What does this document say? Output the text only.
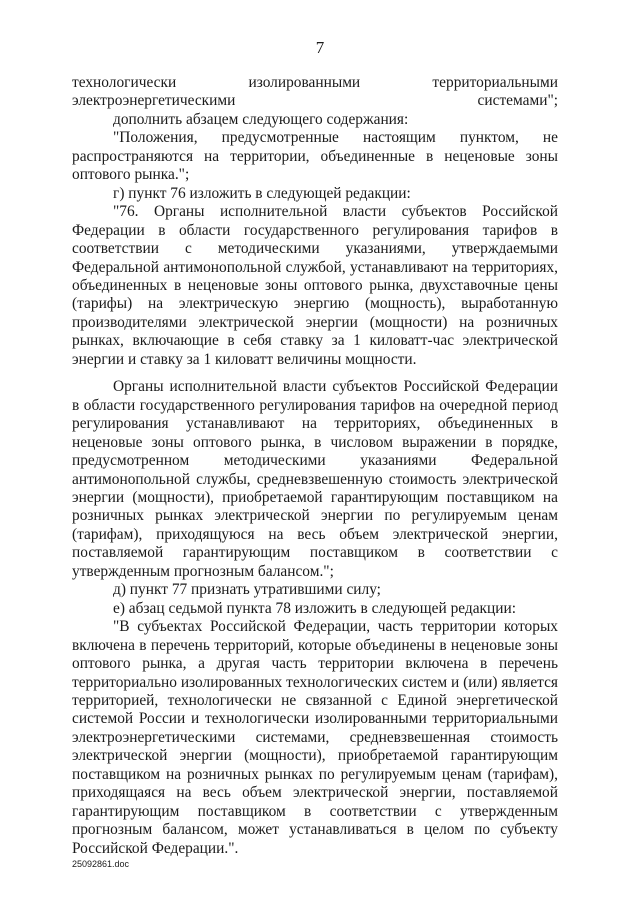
7

технологически изолированными территориальными электроэнергетическими системами";

дополнить абзацем следующего содержания:

"Положения, предусмотренные настоящим пунктом, не распространяются на территории, объединенные в неценовые зоны оптового рынка.";

г) пункт 76 изложить в следующей редакции:

"76. Органы исполнительной власти субъектов Российской Федерации в области государственного регулирования тарифов в соответствии с методическими указаниями, утверждаемыми Федеральной антимонопольной службой, устанавливают на территориях, объединенных в неценовые зоны оптового рынка, двухставочные цены (тарифы) на электрическую энергию (мощность), выработанную производителями электрической энергии (мощности) на розничных рынках, включающие в себя ставку за 1 киловатт-час электрической энергии и ставку за 1 киловатт величины мощности.

Органы исполнительной власти субъектов Российской Федерации в области государственного регулирования тарифов на очередной период регулирования устанавливают на территориях, объединенных в неценовые зоны оптового рынка, в числовом выражении в порядке, предусмотренном методическими указаниями Федеральной антимонопольной службы, средневзвешенную стоимость электрической энергии (мощности), приобретаемой гарантирующим поставщиком на розничных рынках электрической энергии по регулируемым ценам (тарифам), приходящуюся на весь объем электрической энергии, поставляемой гарантирующим поставщиком в соответствии с утвержденным прогнозным балансом.";

д) пункт 77 признать утратившими силу;

е) абзац седьмой пункта 78 изложить в следующей редакции:

"В субъектах Российской Федерации, часть территории которых включена в перечень территорий, которые объединены в неценовые зоны оптового рынка, а другая часть территории включена в перечень территориально изолированных технологических систем и (или) является территорией, технологически не связанной с Единой энергетической системой России и технологически изолированными территориальными электроэнергетическими системами, средневзвешенная стоимость электрической энергии (мощности), приобретаемой гарантирующим поставщиком на розничных рынках по регулируемым ценам (тарифам), приходящаяся на весь объем электрической энергии, поставляемой гарантирующим поставщиком в соответствии с утвержденным прогнозным балансом, может устанавливаться в целом по субъекту Российской Федерации.".

25092861.doc
